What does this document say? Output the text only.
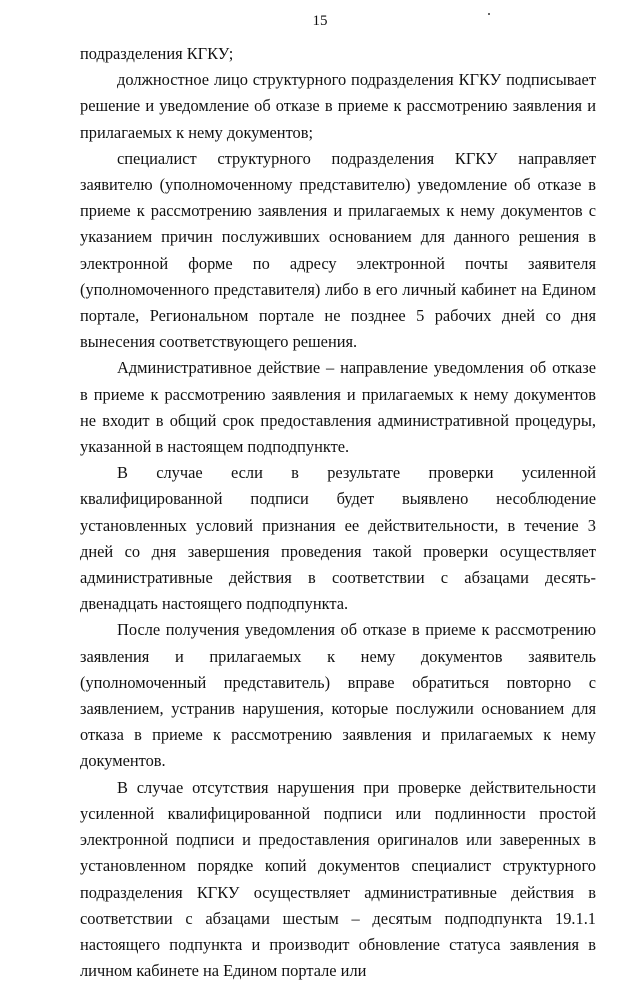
15

подразделения КГКУ;

должностное лицо структурного подразделения КГКУ подписывает решение и уведомление об отказе в приеме к рассмотрению заявления и прилагаемых к нему документов;

специалист структурного подразделения КГКУ направляет заявителю (уполномоченному представителю) уведомление об отказе в приеме к рассмотрению заявления и прилагаемых к нему документов с указанием причин послуживших основанием для данного решения в электронной форме по адресу электронной почты заявителя (уполномоченного представителя) либо в его личный кабинет на Едином портале, Региональном портале не позднее 5 рабочих дней со дня вынесения соответствующего решения.

Административное действие – направление уведомления об отказе в приеме к рассмотрению заявления и прилагаемых к нему документов не входит в общий срок предоставления административной процедуры, указанной в настоящем подподпункте.

В случае если в результате проверки усиленной квалифицированной подписи будет выявлено несоблюдение установленных условий признания ее действительности, в течение 3 дней со дня завершения проведения такой проверки осуществляет административные действия в соответствии с абзацами десять-двенадцать настоящего подподпункта.

После получения уведомления об отказе в приеме к рассмотрению заявления и прилагаемых к нему документов заявитель (уполномоченный представитель) вправе обратиться повторно с заявлением, устранив нарушения, которые послужили основанием для отказа в приеме к рассмотрению заявления и прилагаемых к нему документов.

В случае отсутствия нарушения при проверке действительности усиленной квалифицированной подписи или подлинности простой электронной подписи и предоставления оригиналов или заверенных в установленном порядке копий документов специалист структурного подразделения КГКУ осуществляет административные действия в соответствии с абзацами шестым – десятым подподпункта 19.1.1 настоящего подпункта и производит обновление статуса заявления в личном кабинете на Едином портале или
